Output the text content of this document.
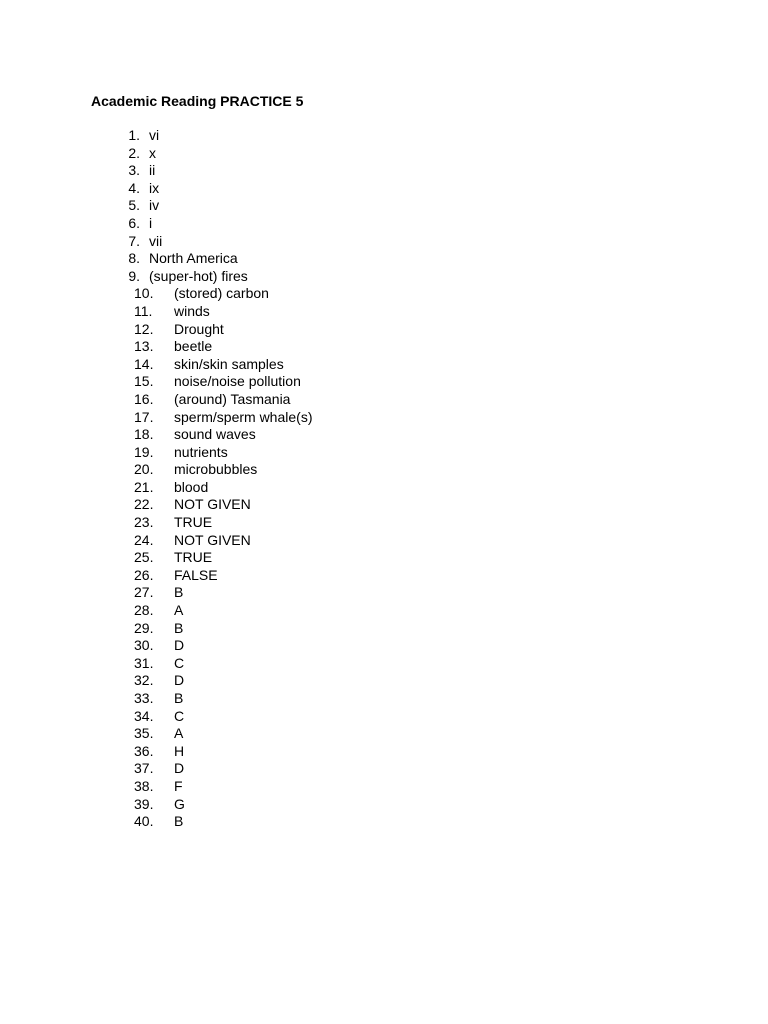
Academic Reading PRACTICE 5
1. vi
2. x
3. ii
4. ix
5. iv
6. i
7. vii
8. North America
9. (super-hot) fires
10. (stored) carbon
11. winds
12. Drought
13. beetle
14. skin/skin samples
15. noise/noise pollution
16. (around) Tasmania
17. sperm/sperm whale(s)
18. sound waves
19. nutrients
20. microbubbles
21. blood
22. NOT GIVEN
23. TRUE
24. NOT GIVEN
25. TRUE
26. FALSE
27. B
28. A
29. B
30. D
31. C
32. D
33. B
34. C
35. A
36. H
37. D
38. F
39. G
40. B
